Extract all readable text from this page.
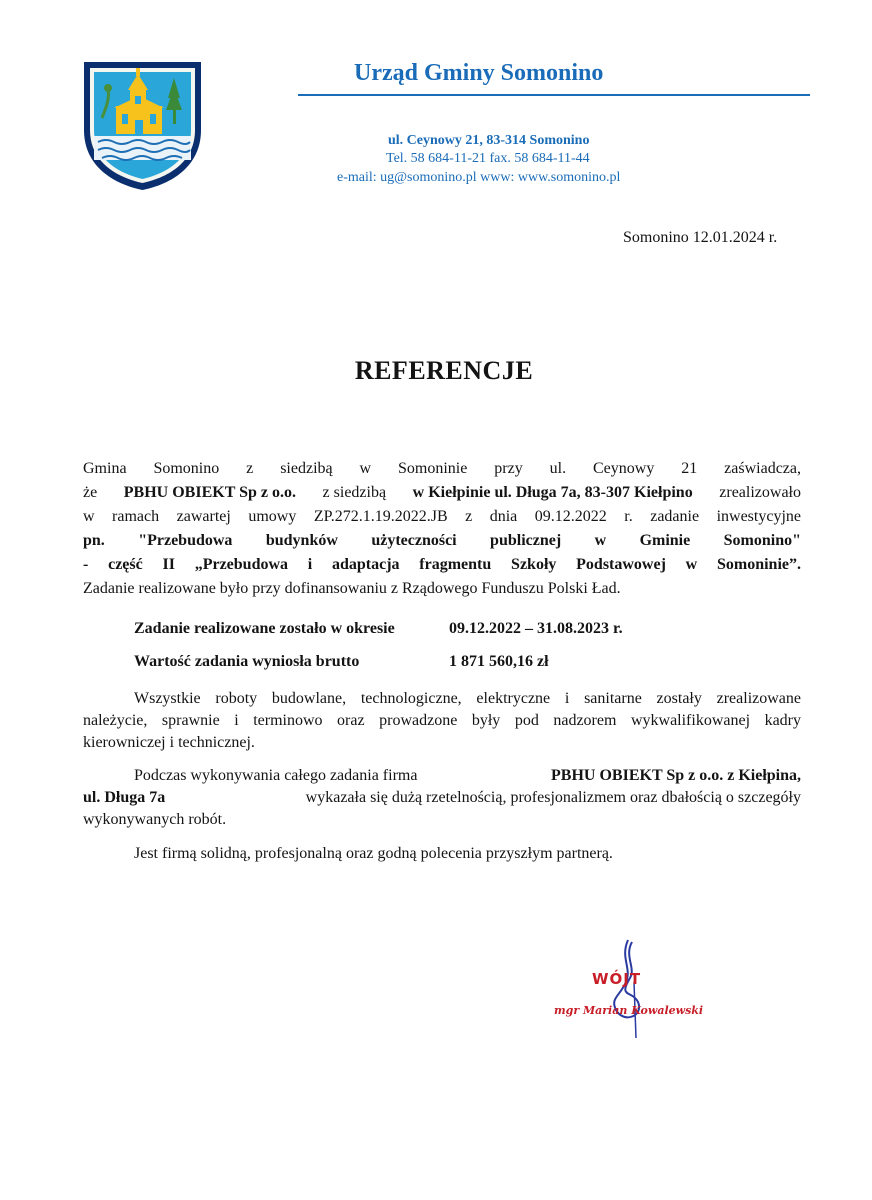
Urząd Gminy Somonino
ul. Ceynowy 21, 83-314 Somonino
Tel. 58 684-11-21 fax. 58 684-11-44
e-mail: ug@somonino.pl www: www.somonino.pl
Somonino 12.01.2024 r.
REFERENCJE
Gmina Somonino z siedzibą w Somoninie przy ul. Ceynowy 21 zaświadcza,
że PBHU OBIEKT Sp z o.o. z siedzibą w Kiełpinie ul. Długa 7a, 83-307 Kiełpino zrealizowało
w ramach zawartej umowy ZP.272.1.19.2022.JB z dnia 09.12.2022 r. zadanie inwestycyjne
pn. "Przebudowa budynków użyteczności publicznej w Gminie Somonino"
- część II „Przebudowa i adaptacja fragmentu Szkoły Podstawowej w Somoninie”.
Zadanie realizowane było przy dofinansowaniu z Rządowego Funduszu Polski Ład.
Zadanie realizowane zostało w okresie	09.12.2022 – 31.08.2023 r.
Wartość zadania wyniosła brutto	1 871 560,16 zł
Wszystkie roboty budowlane, technologiczne, elektryczne i sanitarne zostały zrealizowane
należycie, sprawnie i terminowo oraz prowadzone były pod nadzorem wykwalifikowanej kadry
kierowniczej i technicznej.
Podczas wykonywania całego zadania firma	PBHU OBIEKT Sp z o.o. z Kiełpina,
ul. Długa 7a	wykazała się dużą rzetelnością, profesjonalizmem oraz dbałością o szczegóły
wykonywanych robót.
Jest firmą solidną, profesjonalną oraz godną polecenia przyszłym partnerą.
WÓJT
mgr Marian Kowalewski
